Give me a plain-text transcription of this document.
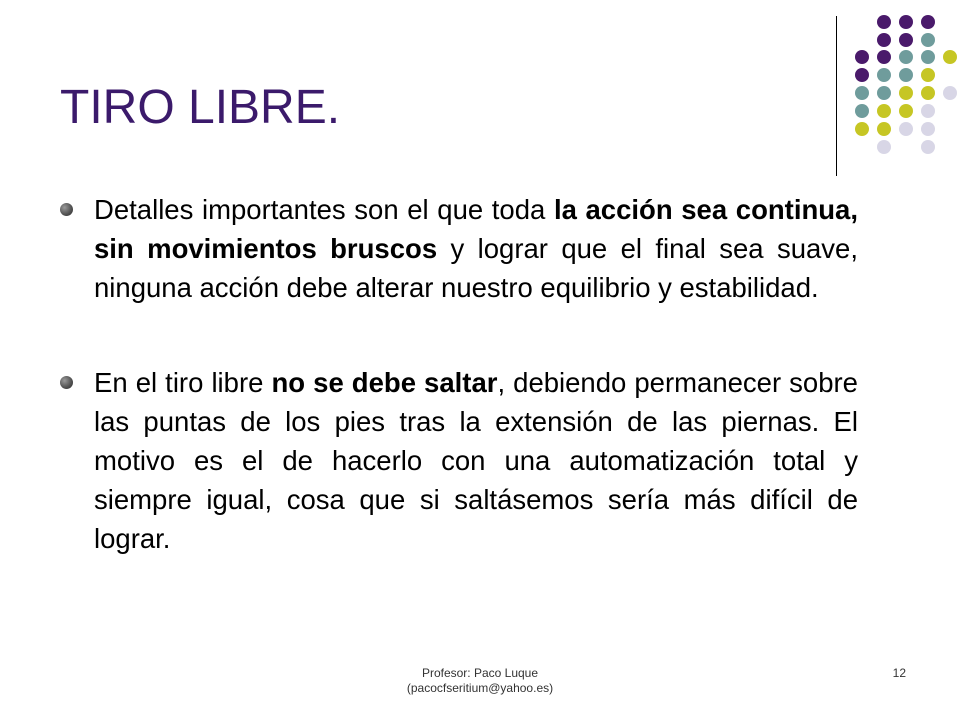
TIRO LIBRE.
Detalles importantes son el que toda la acción sea continua, sin movimientos bruscos y lograr que el final sea suave, ninguna acción debe alterar nuestro equilibrio y estabilidad.
En el tiro libre no se debe saltar, debiendo permanecer sobre las puntas de los pies tras la extensión de las piernas. El motivo es el de hacerlo con una automatización total y siempre igual, cosa que si saltásemos sería más difícil de lograr.
Profesor: Paco Luque
(pacocfseritium@yahoo.es)
12
